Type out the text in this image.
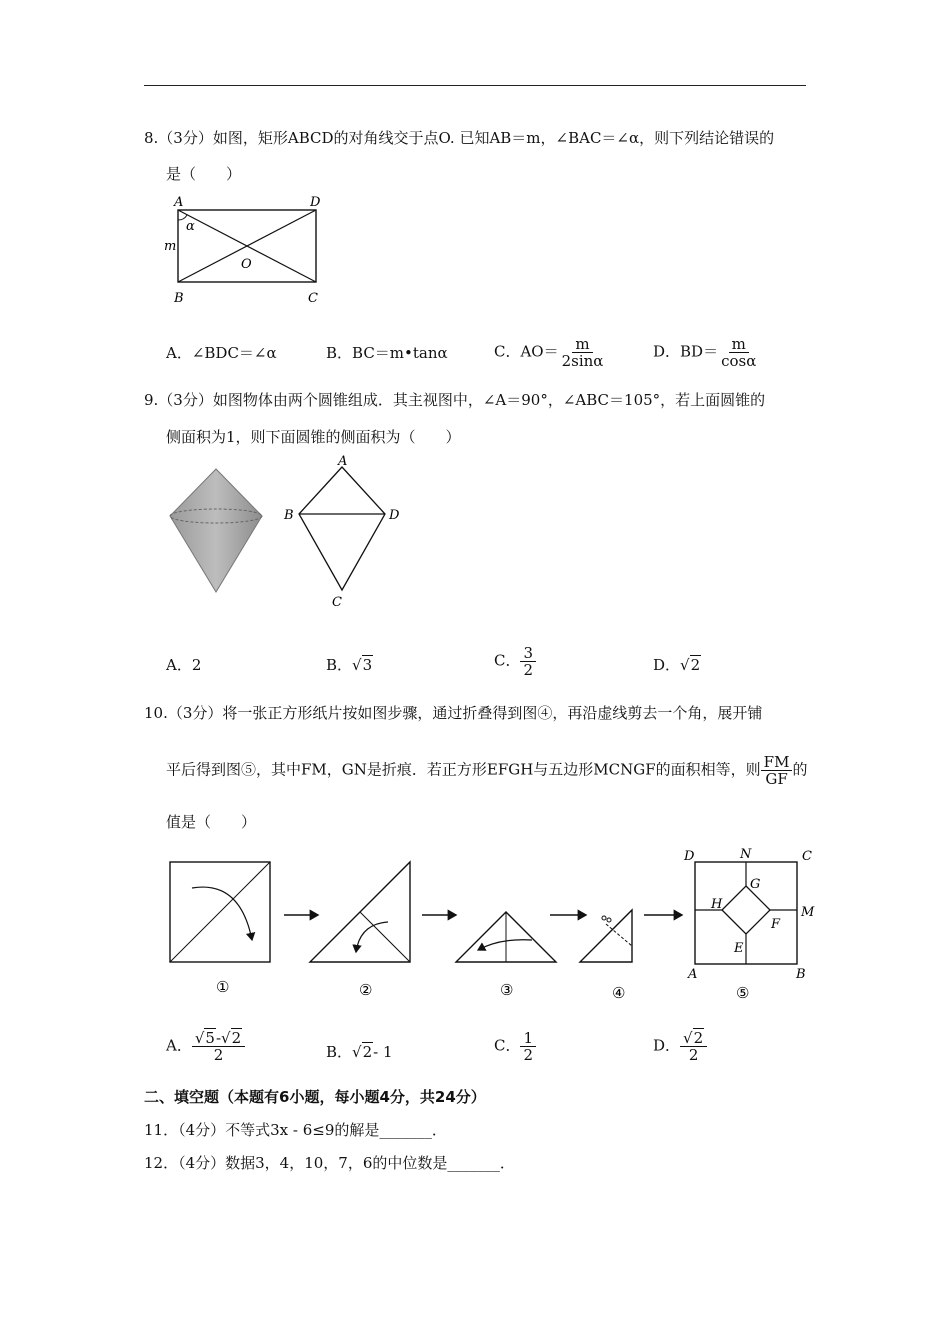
8.（3分）如图，矩形ABCD的对角线交于点O. 已知AB＝m，∠BAC＝∠α，则下列结论错误的
是（　　）
A	D
B	C
O
m
α
A．∠BDC＝∠α	B．BC＝m•tanα	C．$AO= \frac{m}{2\sin\alpha}$	D．$BD= \frac{m}{\cos\alpha}$
9.（3分）如图物体由两个圆锥组成．其主视图中，∠A＝90°，∠ABC＝105°，若上面圆锥的
侧面积为1，则下面圆锥的侧面积为（　　）
A
B	D
C
A．2	B．√3	C． $\frac{3}{2}$	D．√2
10.（3分）将一张正方形纸片按如图步骤，通过折叠得到图④，再沿虚线剪去一个角，展开铺
平后得到图⑤，其中FM，GN是折痕．若正方形EFGH与五边形MCNGF的面积相等，则 $\frac{FM}{GF}$ 的
值是（　　）
D	N	C
G
H
M
F
E
A	B
①	②	③	④	⑤
A． $\frac{√5-√2}{2}$	B．√2- 1	C． $\frac{1}{2}$	D． $\frac{√2}{2}$
二、填空题（本题有6小题，每小题4分，共24分）
11．（4分）不等式3x - 6≤9的解是_______．
12．（4分）数据3，4，10，7，6的中位数是_______．
